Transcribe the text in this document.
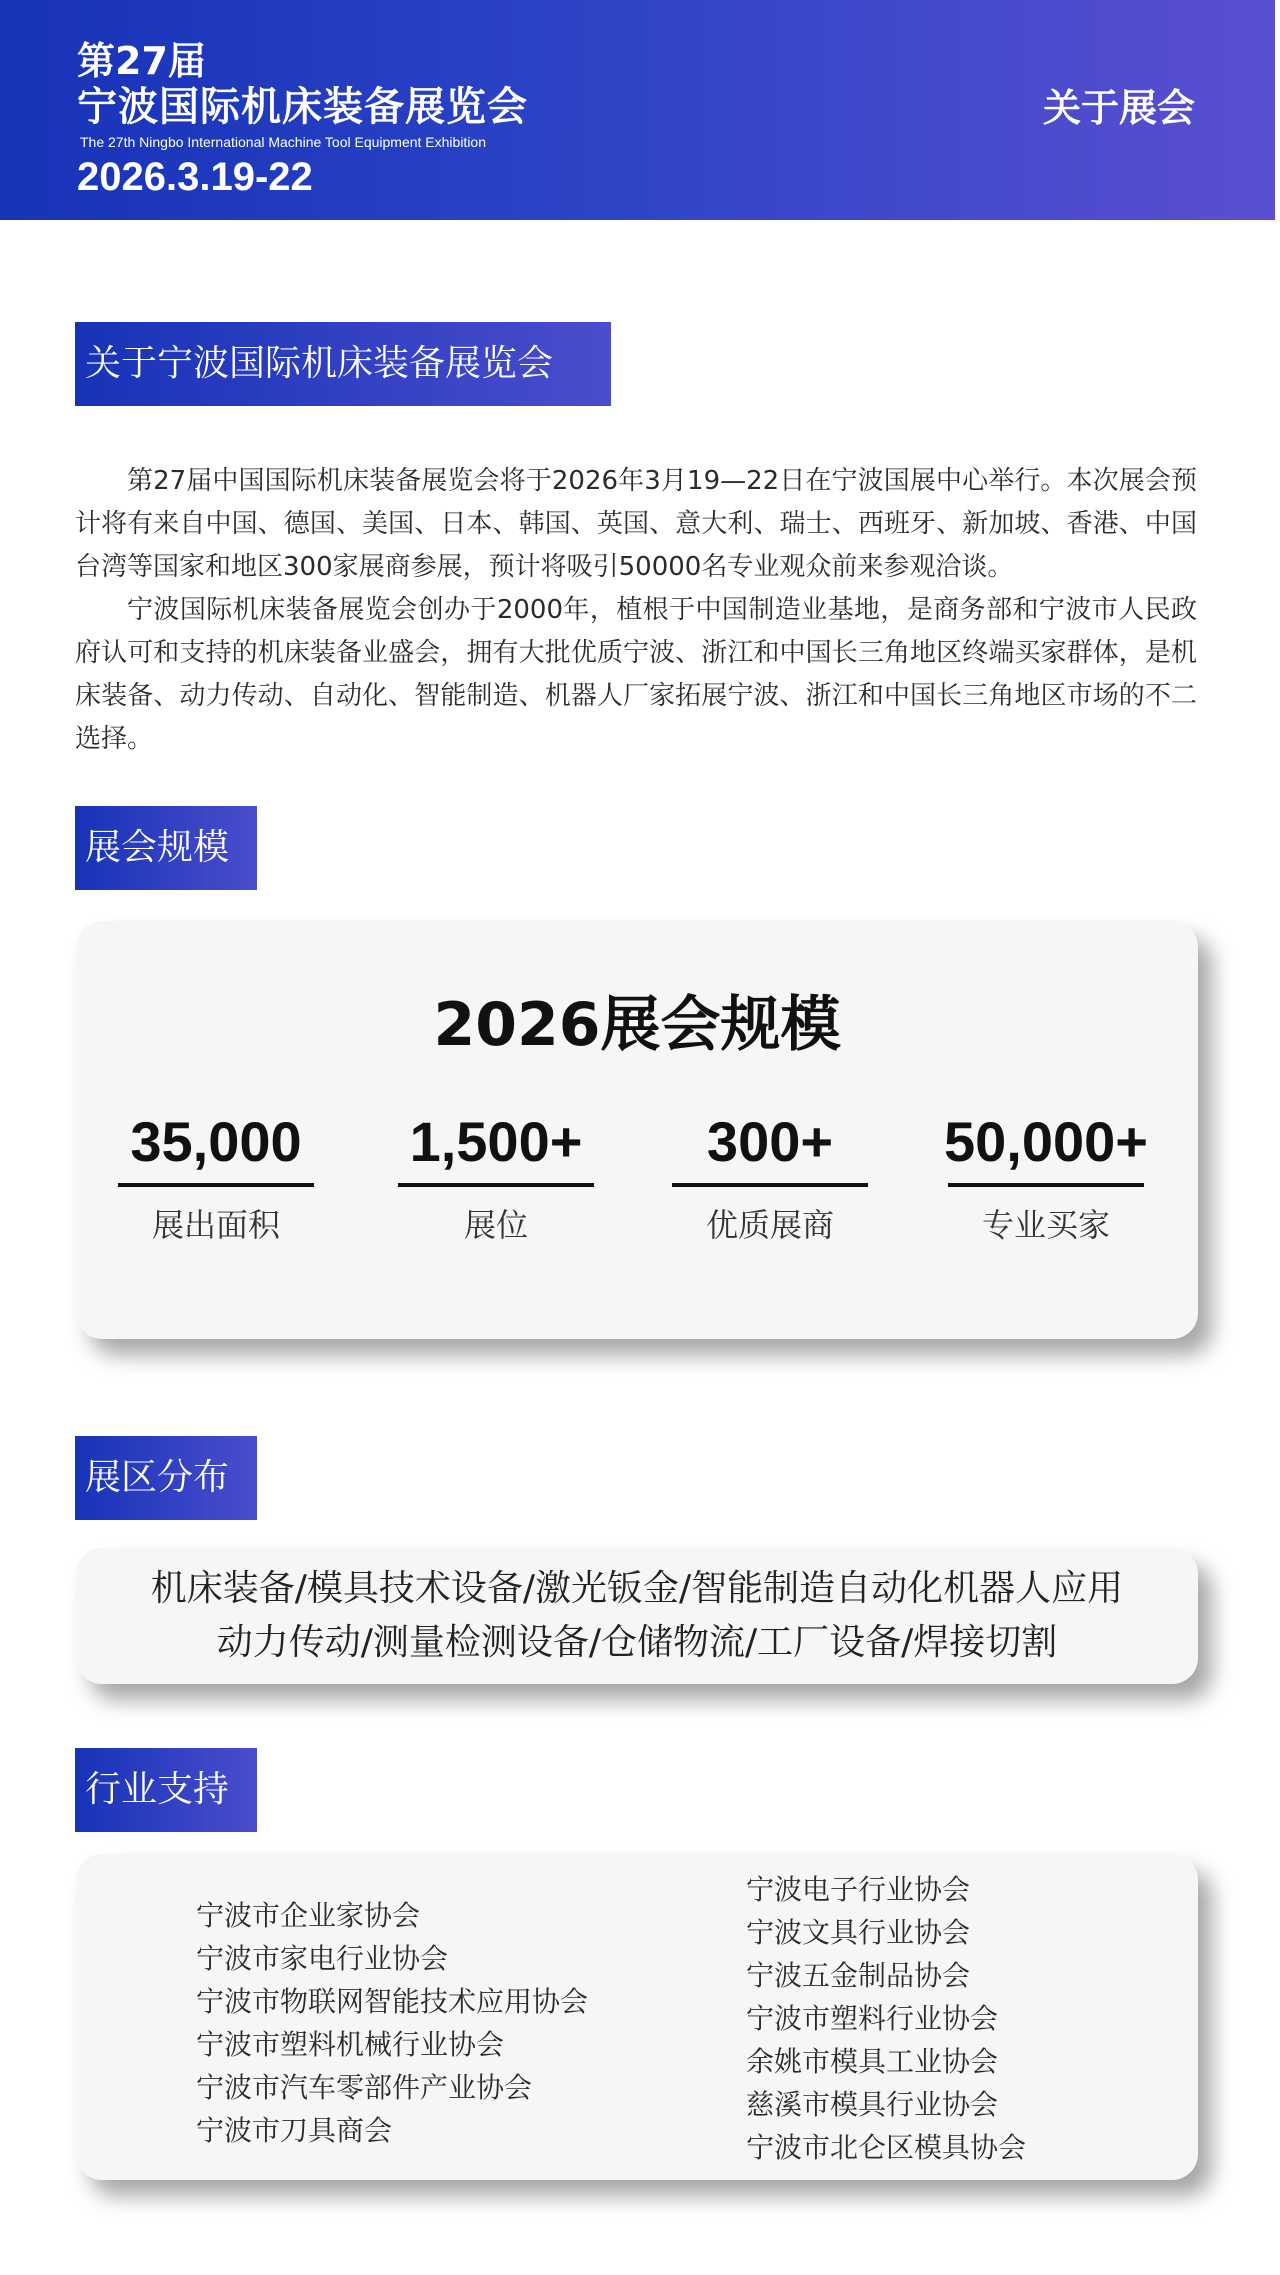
第27届
宁波国际机床装备展览会
The 27th Ningbo International Machine Tool Equipment Exhibition
2026.3.19-22
关于展会
关于宁波国际机床装备展览会

第27届中国国际机床装备展览会将于2026年3月19—22日在宁波国展中心举行。本次展会预计将有来自中国、德国、美国、日本、韩国、英国、意大利、瑞士、西班牙、新加坡、香港、中国台湾等国家和地区300家展商参展，预计将吸引50000名专业观众前来参观洽谈。

宁波国际机床装备展览会创办于2000年，植根于中国制造业基地，是商务部和宁波市人民政府认可和支持的机床装备业盛会，拥有大批优质宁波、浙江和中国长三角地区终端买家群体，是机床装备、动力传动、自动化、智能制造、机器人厂家拓展宁波、浙江和中国长三角地区市场的不二选择。

展会规模
2026展会规模
35,000
展出面积
1,500+
展位
300+
优质展商
50,000+
专业买家
展区分布
机床装备/模具技术设备/激光钣金/智能制造自动化机器人应用
动力传动/测量检测设备/仓储物流/工厂设备/焊接切割
行业支持
宁波市企业家协会
宁波市家电行业协会
宁波市物联网智能技术应用协会
宁波市塑料机械行业协会
宁波市汽车零部件产业协会
宁波市刀具商会
宁波电子行业协会
宁波文具行业协会
宁波五金制品协会
宁波市塑料行业协会
余姚市模具工业协会
慈溪市模具行业协会
宁波市北仑区模具协会
